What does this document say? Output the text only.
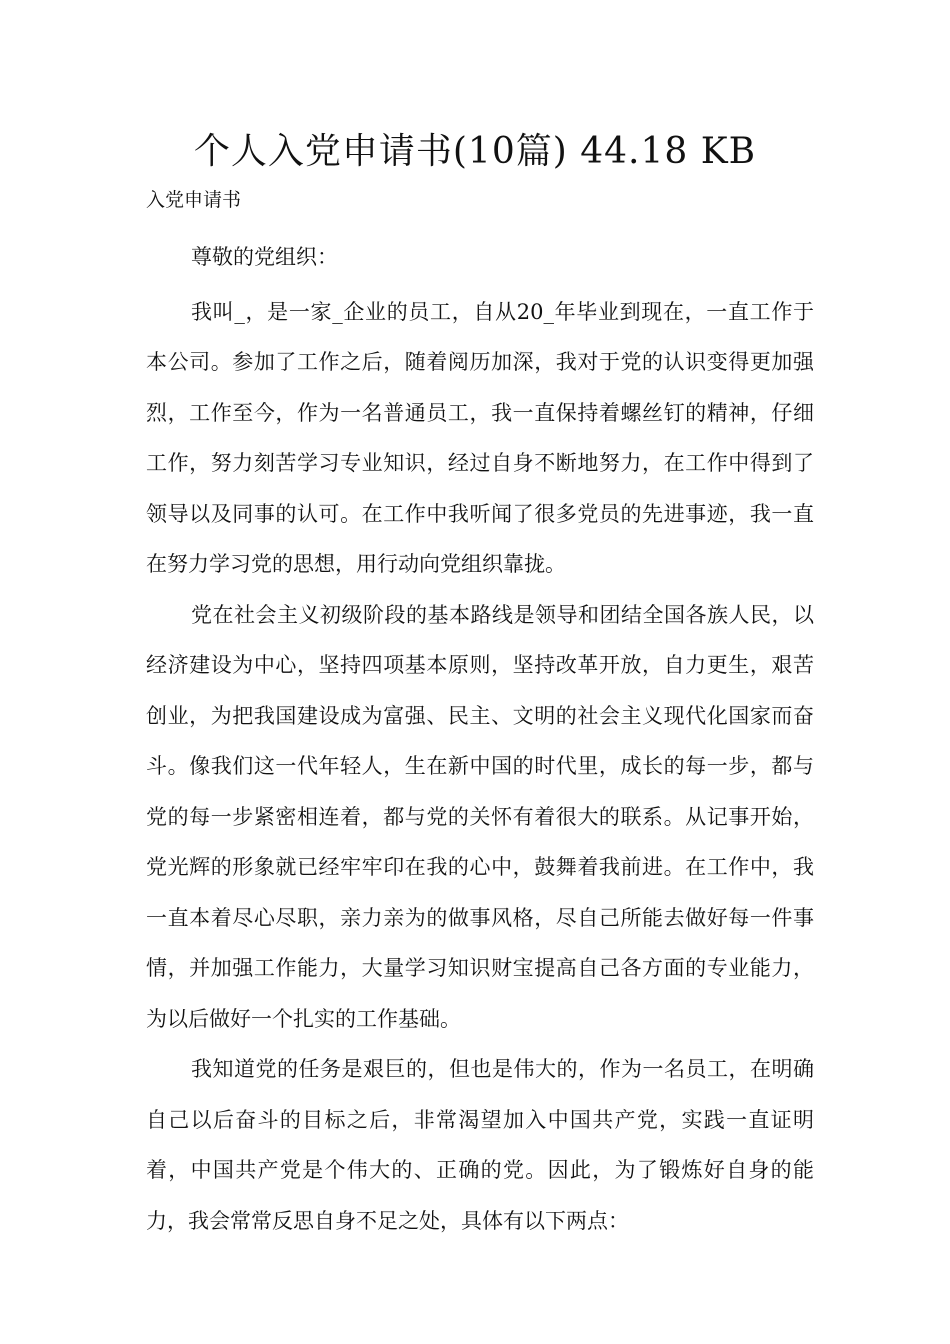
个人入党申请书(10篇) 44.18 KB
入党申请书

尊敬的党组织：

我叫_，是一家_企业的员工，自从20_年毕业到现在，一直工作于本公司。参加了工作之后，随着阅历加深，我对于党的认识变得更加强烈，工作至今，作为一名普通员工，我一直保持着螺丝钉的精神，仔细工作，努力刻苦学习专业知识，经过自身不断地努力，在工作中得到了领导以及同事的认可。在工作中我听闻了很多党员的先进事迹，我一直在努力学习党的思想，用行动向党组织靠拢。

党在社会主义初级阶段的基本路线是领导和团结全国各族人民，以经济建设为中心，坚持四项基本原则，坚持改革开放，自力更生，艰苦创业，为把我国建设成为富强、民主、文明的社会主义现代化国家而奋斗。像我们这一代年轻人，生在新中国的时代里，成长的每一步，都与党的每一步紧密相连着，都与党的关怀有着很大的联系。从记事开始，党光辉的形象就已经牢牢印在我的心中，鼓舞着我前进。在工作中，我一直本着尽心尽职，亲力亲为的做事风格，尽自己所能去做好每一件事情，并加强工作能力，大量学习知识财宝提高自己各方面的专业能力，为以后做好一个扎实的工作基础。

我知道党的任务是艰巨的，但也是伟大的，作为一名员工，在明确自己以后奋斗的目标之后，非常渴望加入中国共产党，实践一直证明着，中国共产党是个伟大的、正确的党。因此，为了锻炼好自身的能力，我会常常反思自身不足之处，具体有以下两点：
